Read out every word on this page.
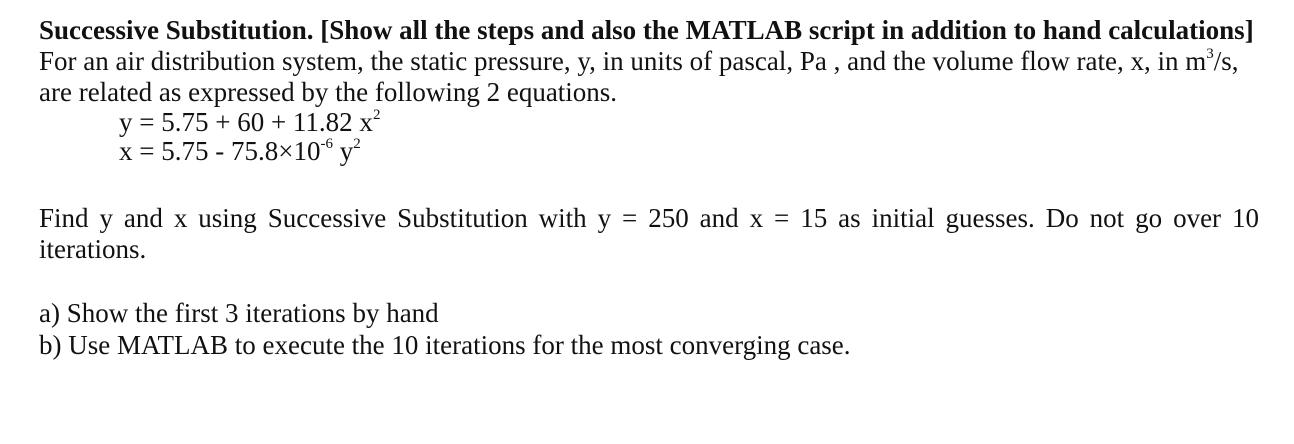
Successive Substitution. [Show all the steps and also the MATLAB script in addition to hand calculations]

For an air distribution system, the static pressure, y, in units of pascal, Pa , and the volume flow rate, x, in $m^3/s$, are related as expressed by the following 2 equations.

y = 5.75 + 60 + 11.82 $x^2$
$x = 5.75 - 75.8\times 10^{-6}$ $y^2$

Find y and x using Successive Substitution with y = 250 and x = 15 as initial guesses. Do not go over 10 iterations.

a) Show the first 3 iterations by hand

b) Use MATLAB to execute the 10 iterations for the most converging case.
